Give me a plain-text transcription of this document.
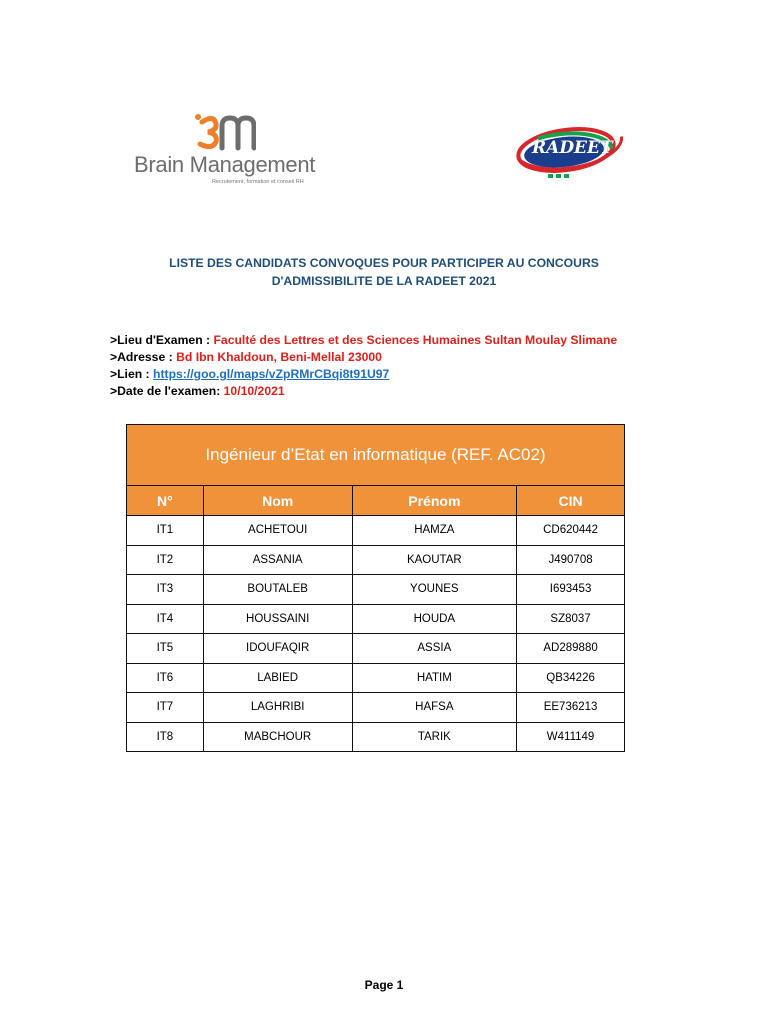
Brain Management
Recrutement, formation et conseil RH
RADEET
LISTE DES CANDIDATS CONVOQUES POUR PARTICIPER AU CONCOURS
D'ADMISSIBILITE DE LA RADEET 2021
>Lieu d'Examen : Faculté des Lettres et des Sciences Humaines Sultan Moulay Slimane
>Adresse : Bd Ibn Khaldoun, Beni-Mellal 23000
>Lien : https://goo.gl/maps/vZpRMrCBqi8t91U97
>Date de l'examen: 10/10/2021
Ingénieur d’Etat en informatique (REF. AC02)			
N°	Nom	Prénom	CIN
IT1	ACHETOUI	HAMZA	CD620442
IT2	ASSANIA	KAOUTAR	J490708
IT3	BOUTALEB	YOUNES	I693453
IT4	HOUSSAINI	HOUDA	SZ8037
IT5	IDOUFAQIR	ASSIA	AD289880
IT6	LABIED	HATIM	QB34226
IT7	LAGHRIBI	HAFSA	EE736213
IT8	MABCHOUR	TARIK	W411149
Page 1
